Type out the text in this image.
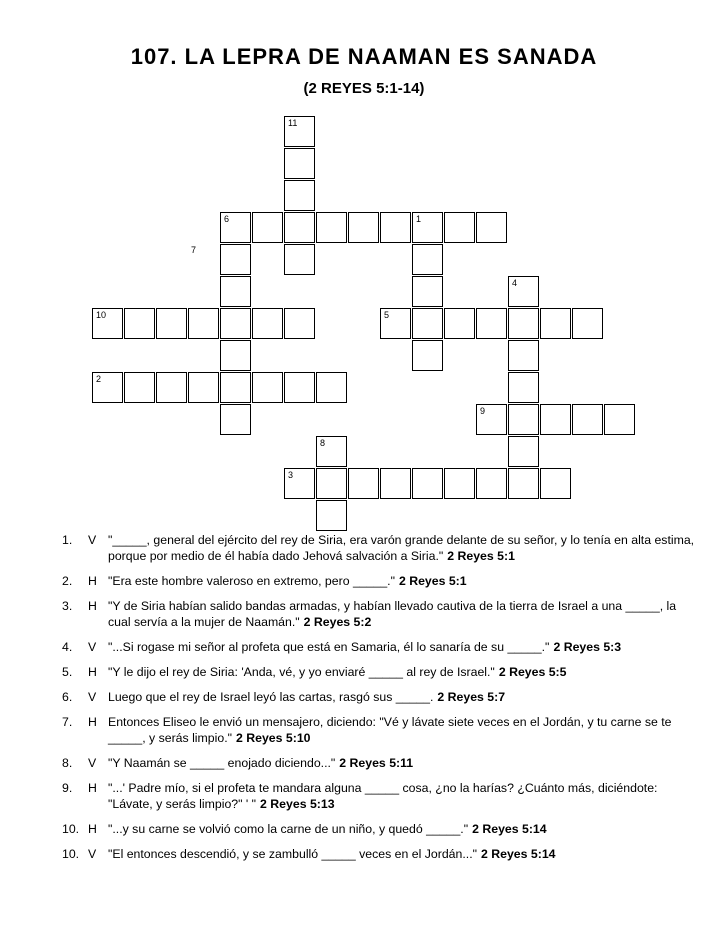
107. LA LEPRA DE NAAMAN ES SANADA
(2 REYES 5:1-14)
6	1
11
10	5
2
4
9
3
8
7
1.	V "_____, general del ejército del rey de Siria, era varón grande delante de su señor, y lo tenía en alta estima, porque por medio de él había dado Jehová salvación a Siria." 2 Reyes 5:1
2.	H "Era este hombre valeroso en extremo, pero _____." 2 Reyes 5:1
3.	H "Y de Siria habían salido bandas armadas, y habían llevado cautiva de la tierra de Israel a una _____, la cual servía a la mujer de Naamán." 2 Reyes 5:2
4.	V "...Si rogase mi señor al profeta que está en Samaria, él lo sanaría de su _____." 2 Reyes 5:3
5.	H "Y le dijo el rey de Siria: 'Anda, vé, y yo enviaré _____ al rey de Israel." 2 Reyes 5:5
6.	V Luego que el rey de Israel leyó las cartas, rasgó sus _____. 2 Reyes 5:7
7.	H Entonces Eliseo le envió un mensajero, diciendo: "Vé y lávate siete veces en el Jordán, y tu carne se te _____, y serás limpio." 2 Reyes 5:10
8.	V "Y Naamán se _____ enojado diciendo..." 2 Reyes 5:11
9.	H "...' Padre mío, si el profeta te mandara alguna _____ cosa, ¿no la harías? ¿Cuánto más, diciéndote: "Lávate, y serás limpio?" ' " 2 Reyes 5:13
10. H "...y su carne se volvió como la carne de un niño, y quedó _____." 2 Reyes 5:14
10. V "El entonces descendió, y se zambulló _____ veces en el Jordán..." 2 Reyes 5:14
